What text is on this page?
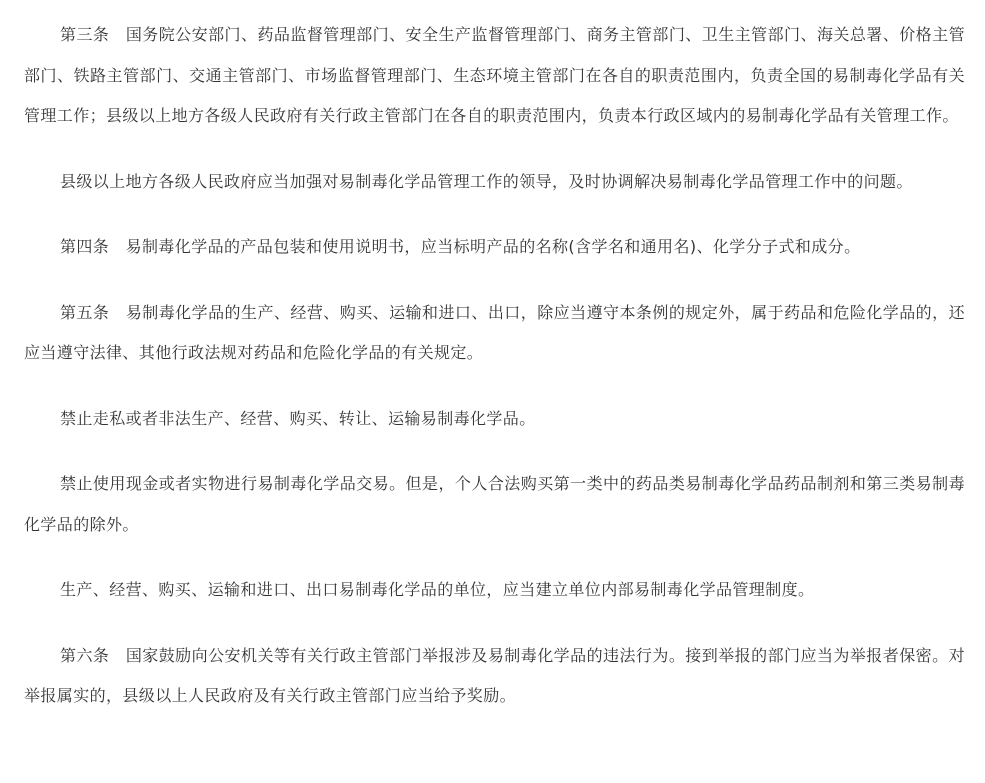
第三条　国务院公安部门、药品监督管理部门、安全生产监督管理部门、商务主管部门、卫生主管部门、海关总署、价格主管部门、铁路主管部门、交通主管部门、市场监督管理部门、生态环境主管部门在各自的职责范围内，负责全国的易制毒化学品有关管理工作；县级以上地方各级人民政府有关行政主管部门在各自的职责范围内，负责本行政区域内的易制毒化学品有关管理工作。

县级以上地方各级人民政府应当加强对易制毒化学品管理工作的领导，及时协调解决易制毒化学品管理工作中的问题。

第四条　易制毒化学品的产品包装和使用说明书，应当标明产品的名称(含学名和通用名)、化学分子式和成分。

第五条　易制毒化学品的生产、经营、购买、运输和进口、出口，除应当遵守本条例的规定外，属于药品和危险化学品的，还应当遵守法律、其他行政法规对药品和危险化学品的有关规定。

禁止走私或者非法生产、经营、购买、转让、运输易制毒化学品。

禁止使用现金或者实物进行易制毒化学品交易。但是，个人合法购买第一类中的药品类易制毒化学品药品制剂和第三类易制毒化学品的除外。

生产、经营、购买、运输和进口、出口易制毒化学品的单位，应当建立单位内部易制毒化学品管理制度。

第六条　国家鼓励向公安机关等有关行政主管部门举报涉及易制毒化学品的违法行为。接到举报的部门应当为举报者保密。对举报属实的，县级以上人民政府及有关行政主管部门应当给予奖励。
